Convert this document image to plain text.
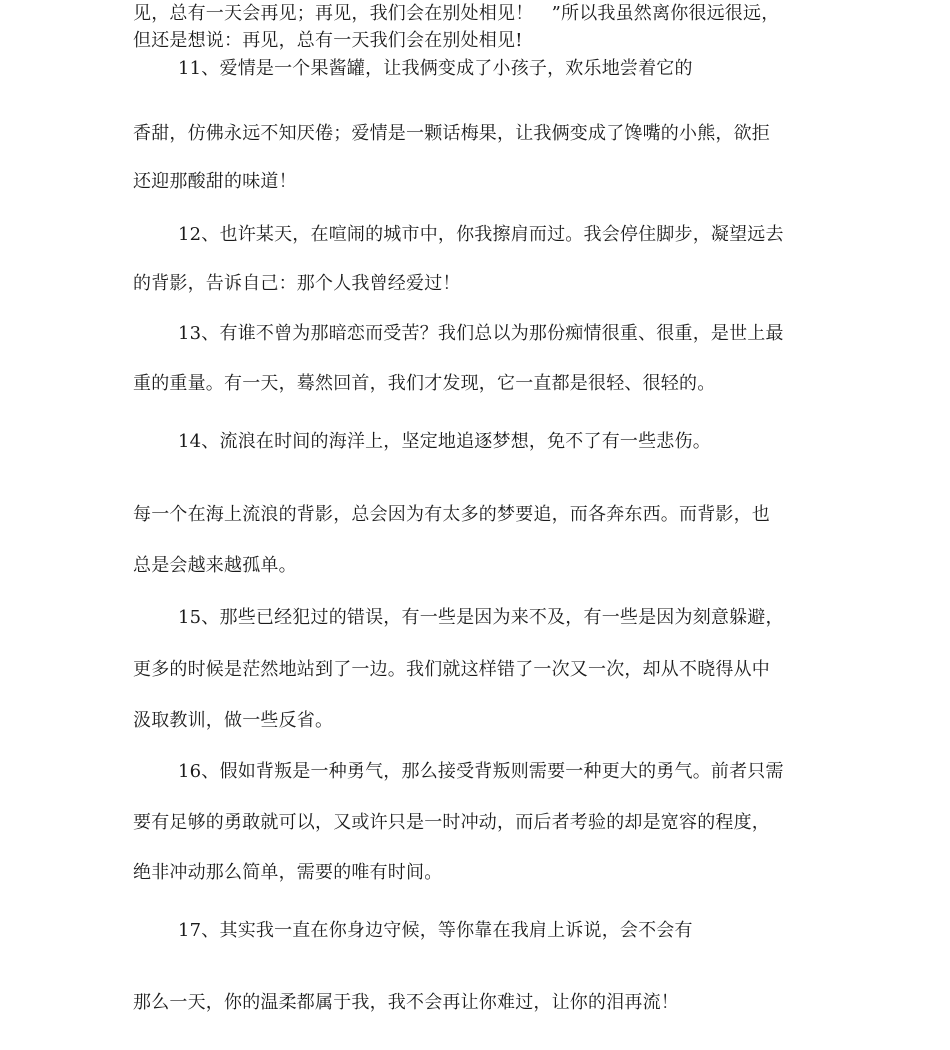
见，总有一天会再见；再见，我们会在别处相见！　”所以我虽然离你很远很远，
但还是想说：再见，总有一天我们会在别处相见!
11、爱情是一个果酱罐，让我俩变成了小孩子，欢乐地尝着它的
香甜，仿佛永远不知厌倦；爱情是一颗话梅果，让我俩变成了馋嘴的小熊，欲拒
还迎那酸甜的味道！
12、也许某天，在喧闹的城市中，你我擦肩而过。我会停住脚步，凝望远去
的背影，告诉自己：那个人我曾经爱过！
13、有谁不曾为那暗恋而受苦？我们总以为那份痴情很重、很重，是世上最
重的重量。有一天，蓦然回首，我们才发现，它一直都是很轻、很轻的。
14、流浪在时间的海洋上，坚定地追逐梦想，免不了有一些悲伤。
每一个在海上流浪的背影，总会因为有太多的梦要追，而各奔东西。而背影，也
总是会越来越孤单。
15、那些已经犯过的错误，有一些是因为来不及，有一些是因为刻意躲避，
更多的时候是茫然地站到了一边。我们就这样错了一次又一次，却从不晓得从中
汲取教训，做一些反省。
16、假如背叛是一种勇气，那么接受背叛则需要一种更大的勇气。前者只需
要有足够的勇敢就可以，又或许只是一时冲动，而后者考验的却是宽容的程度，
绝非冲动那么简单，需要的唯有时间。
17、其实我一直在你身边守候，等你靠在我肩上诉说，会不会有
那么一天，你的温柔都属于我，我不会再让你难过，让你的泪再流！
